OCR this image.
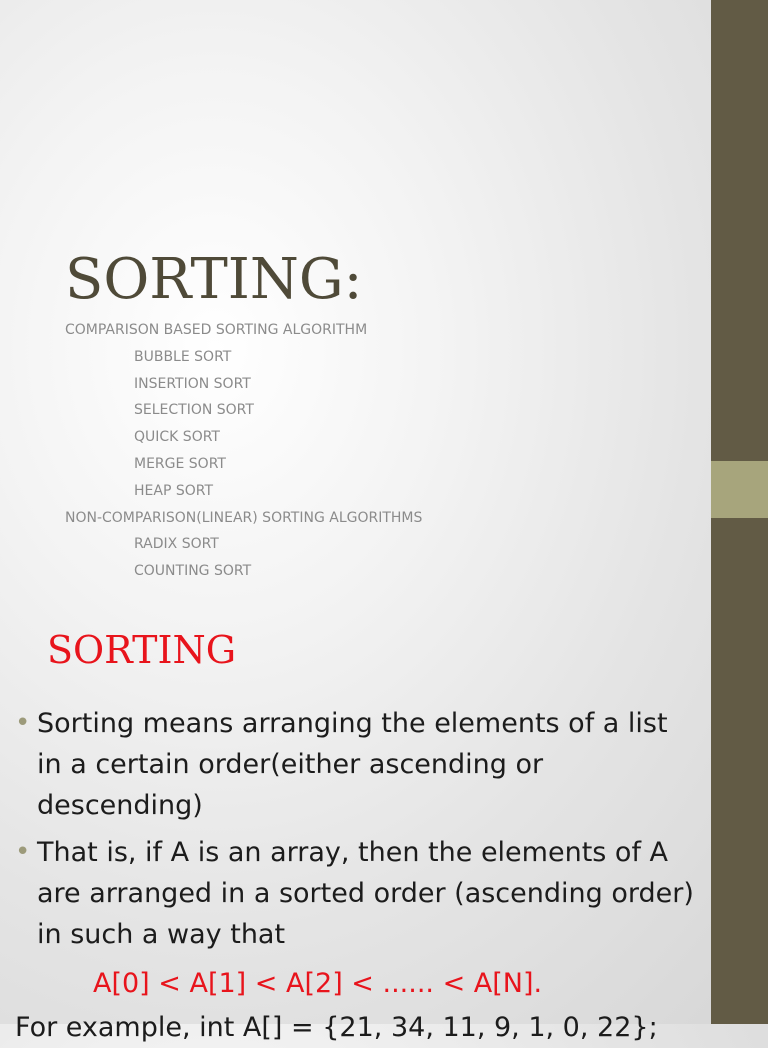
SORTING:
COMPARISON BASED SORTING ALGORITHM
BUBBLE SORT
INSERTION SORT
SELECTION SORT
QUICK SORT
MERGE SORT
HEAP SORT
NON-COMPARISON(LINEAR) SORTING ALGORITHMS
RADIX SORT
COUNTING SORT
SORTING
• Sorting means arranging the elements of a list in a certain order(either ascending or descending)
• That is, if A is an array, then the elements of A are arranged in a sorted order (ascending order) in such a way that

A[0] < A[1] < A[2] < ...... < A[N].

For example, int A[] = {21, 34, 11, 9, 1, 0, 22};
